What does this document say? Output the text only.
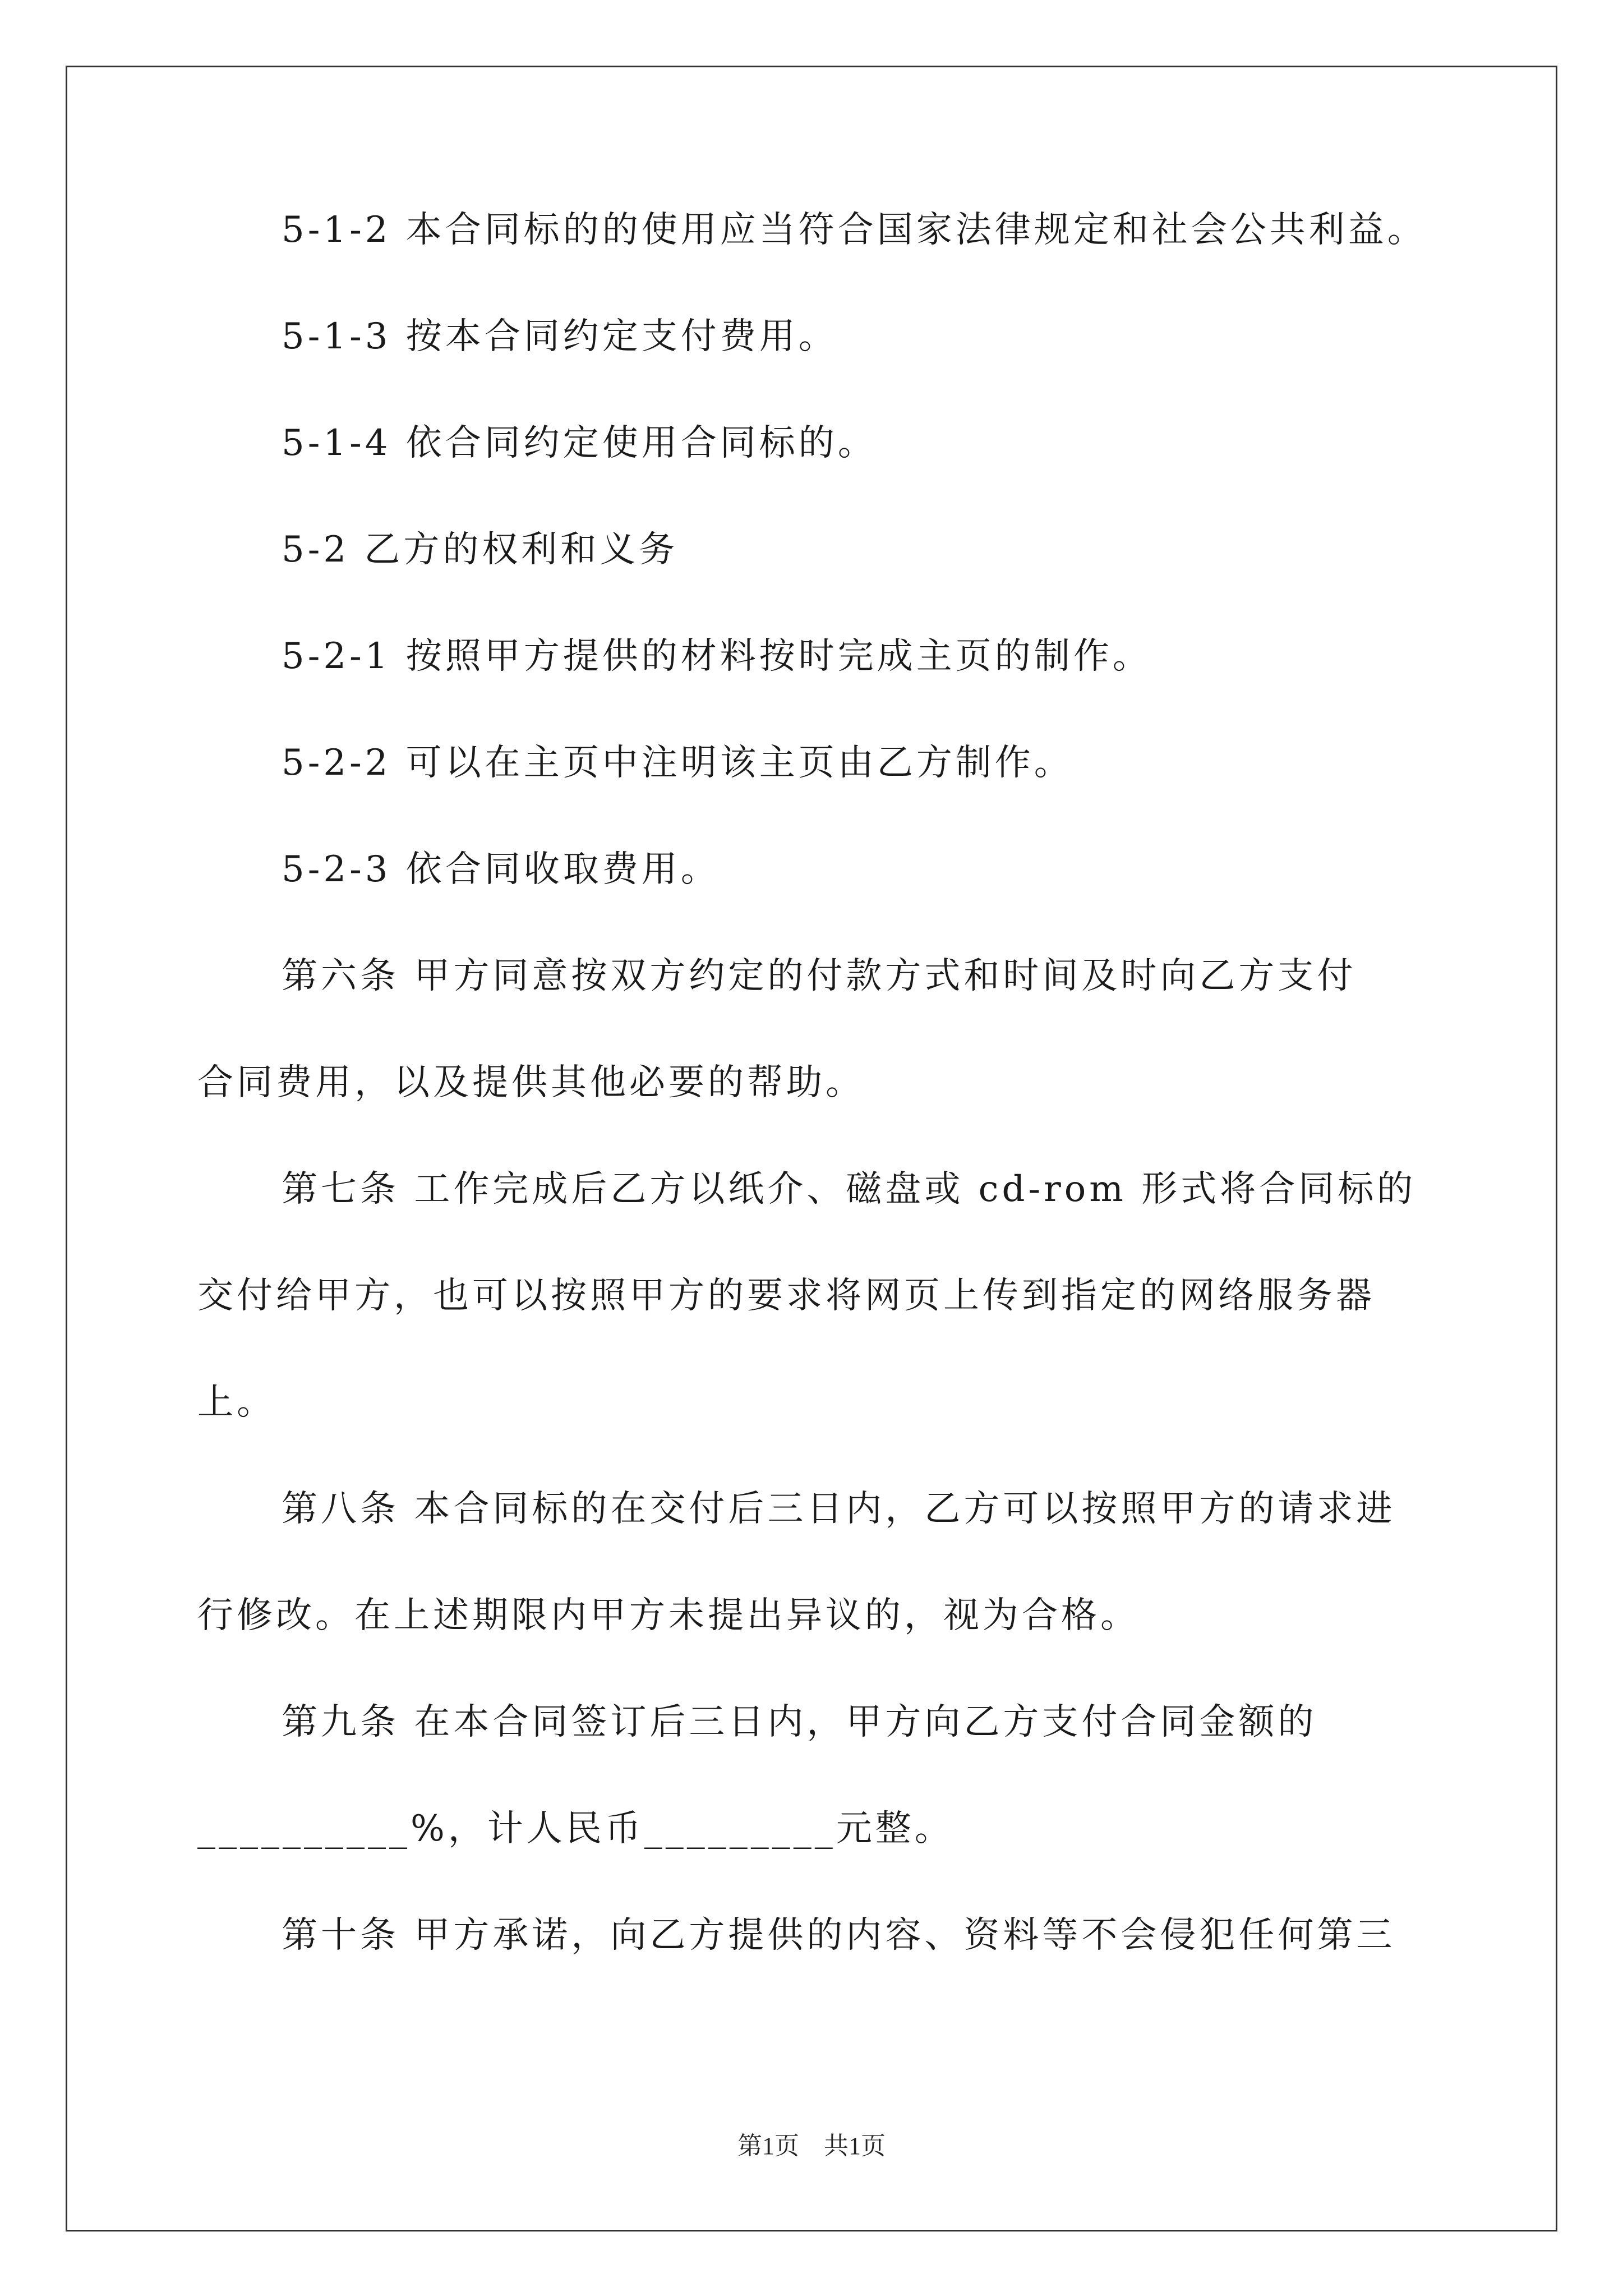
5-1-2 本合同标的的使用应当符合国家法律规定和社会公共利益。
5-1-3 按本合同约定支付费用。
5-1-4 依合同约定使用合同标的。
5-2 乙方的权利和义务
5-2-1 按照甲方提供的材料按时完成主页的制作。
5-2-2 可以在主页中注明该主页由乙方制作。
5-2-3 依合同收取费用。
第六条 甲方同意按双方约定的付款方式和时间及时向乙方支付
合同费用，以及提供其他必要的帮助。
第七条 工作完成后乙方以纸介、磁盘或 cd-rom 形式将合同标的
交付给甲方，也可以按照甲方的要求将网页上传到指定的网络服务器
上。
第八条 本合同标的在交付后三日内，乙方可以按照甲方的请求进
行修改。在上述期限内甲方未提出异议的，视为合格。
第九条 在本合同签订后三日内，甲方向乙方支付合同金额的
__________%，计人民币_________元整。
第十条 甲方承诺，向乙方提供的内容、资料等不会侵犯任何第三
第1页　共1页
